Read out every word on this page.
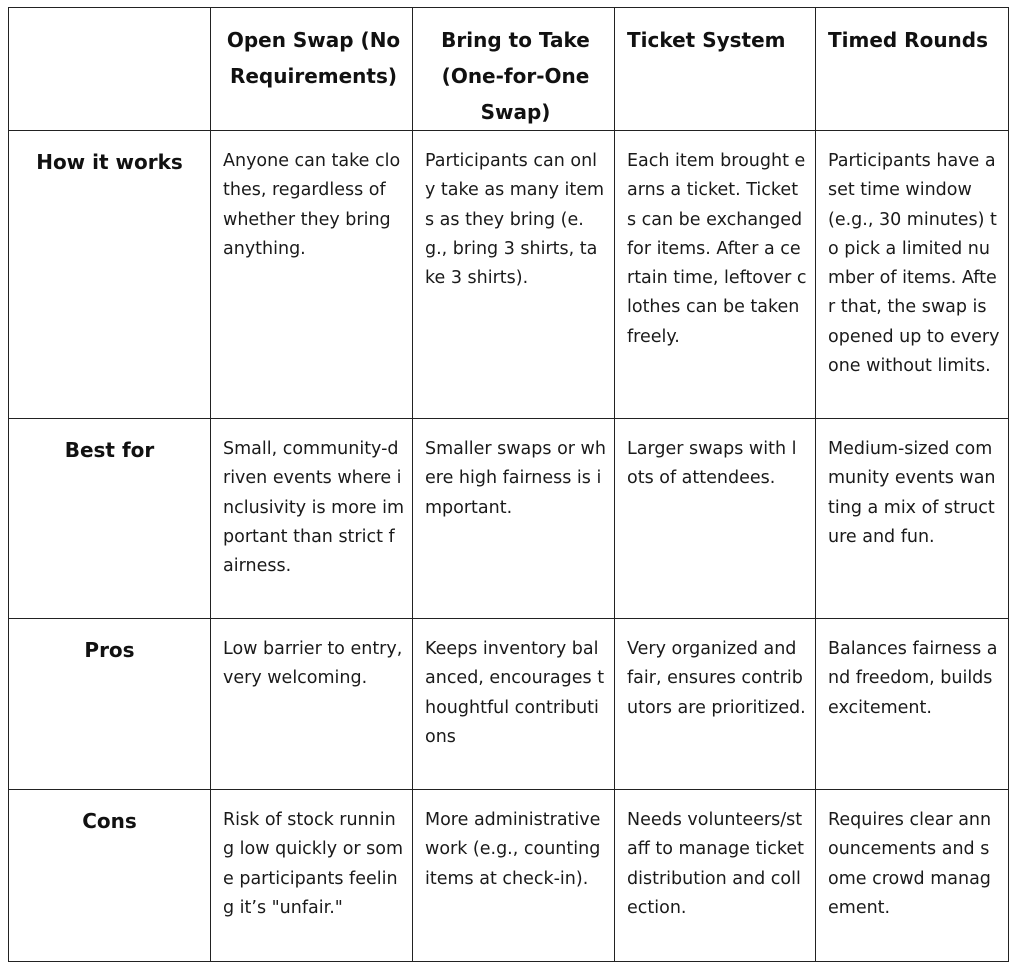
	Open Swap (No Requirements)	Bring to Take (One-for-One Swap)	Ticket System	Timed Rounds

How it works	Anyone can take clothes, regardless of whether they bring anything.	Participants can only take as many items as they bring (e.g., bring 3 shirts, take 3 shirts).	Each item brought earns a ticket. Tickets can be exchanged for items. After a certain time, leftover clothes can be taken freely.	Participants have a set time window (e.g., 30 minutes) to pick a limited number of items. After that, the swap is opened up to everyone without limits.

Best for	Small, community-driven events where inclusivity is more important than strict fairness.	Smaller swaps or where high fairness is important.	Larger swaps with lots of attendees.	Medium-sized community events wanting a mix of structure and fun.

Pros	Low barrier to entry, very welcoming.	Keeps inventory balanced, encourages thoughtful contributions	Very organized and fair, ensures contributors are prioritized.	Balances fairness and freedom, builds excitement.

Cons	Risk of stock running low quickly or some participants feeling it’s "unfair."	More administrative work (e.g., counting items at check-in).	Needs volunteers/staff to manage ticket distribution and collection.	Requires clear announcements and some crowd management.
